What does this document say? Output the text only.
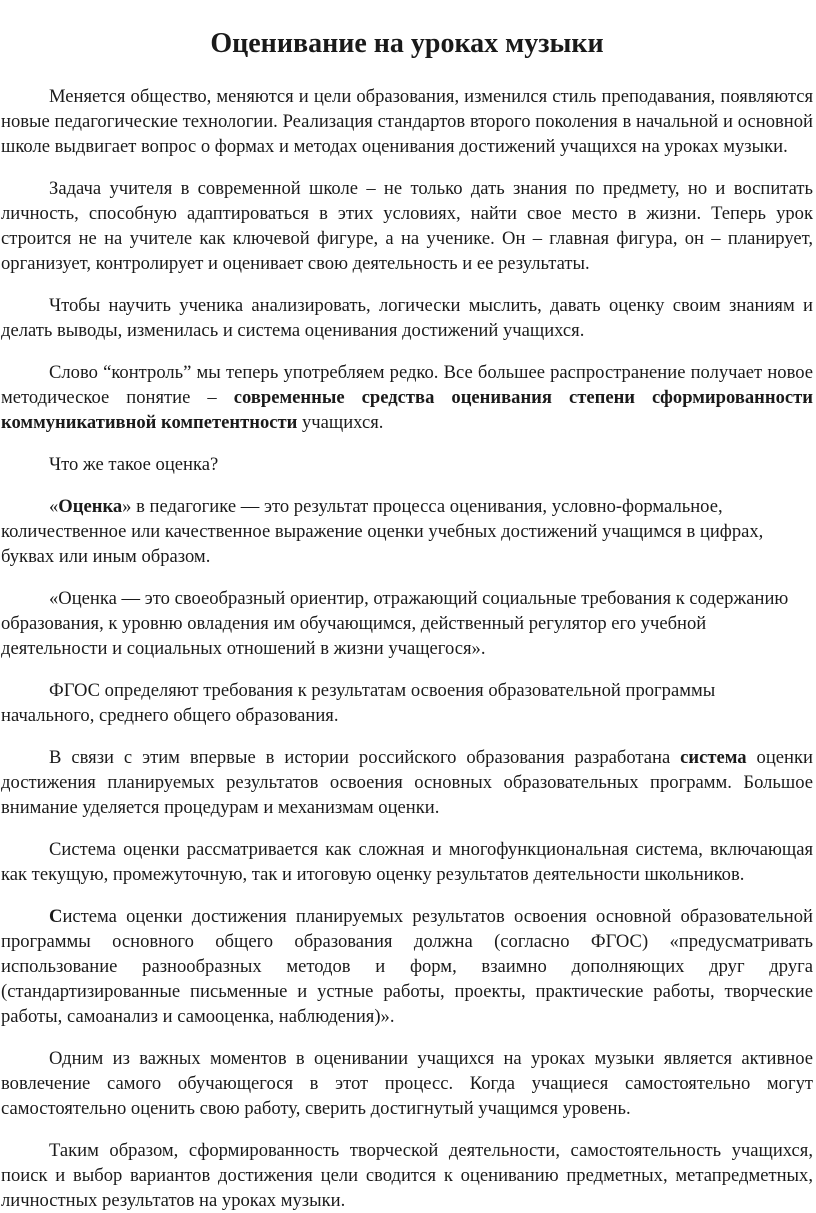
Оценивание на уроках музыки

Меняется общество, меняются и цели образования, изменился стиль преподавания, появляются новые педагогические технологии. Реализация стандартов второго поколения в начальной и основной школе выдвигает вопрос о формах и методах оценивания достижений учащихся на уроках музыки.

Задача учителя в современной школе – не только дать знания по предмету, но и воспитать личность, способную адаптироваться в этих условиях, найти свое место в жизни. Теперь урок строится не на учителе как ключевой фигуре, а на ученике. Он – главная фигура, он – планирует, организует, контролирует и оценивает свою деятельность и ее результаты.

Чтобы научить ученика анализировать, логически мыслить, давать оценку своим знаниям и делать выводы, изменилась и система оценивания достижений учащихся.

Слово “контроль” мы теперь употребляем редко. Все большее распространение получает новое методическое понятие – современные средства оценивания степени сформированности коммуникативной компетентности учащихся.

Что же такое оценка?

«Оценка» в педагогике — это результат процесса оценивания, условно-формальное, количественное или качественное выражение оценки учебных достижений учащимся в цифрах, буквах или иным образом.

«Оценка — это своеобразный ориентир, отражающий социальные требования к содержанию образования, к уровню овладения им обучающимся, действенный регулятор его учебной деятельности и социальных отношений в жизни учащегося».

ФГОС определяют требования к результатам освоения образовательной программы начального, среднего общего образования.

В связи с этим впервые в истории российского образования разработана система оценки достижения планируемых результатов освоения основных образовательных программ. Большое внимание уделяется процедурам и механизмам оценки.

Система оценки рассматривается как сложная и многофункциональная система, включающая как текущую, промежуточную, так и итоговую оценку результатов деятельности школьников.

Система оценки достижения планируемых результатов освоения основной образовательной программы основного общего образования должна (согласно ФГОС) «предусматривать использование разнообразных методов и форм, взаимно дополняющих друг друга (стандартизированные письменные и устные работы, проекты, практические работы, творческие работы, самоанализ и самооценка, наблюдения)».

Одним из важных моментов в оценивании учащихся на уроках музыки является активное вовлечение самого обучающегося в этот процесс. Когда учащиеся самостоятельно могут самостоятельно оценить свою работу, сверить достигнутый учащимся уровень.

Таким образом, сформированность творческой деятельности, самостоятельность учащихся, поиск и выбор вариантов достижения цели сводится к оцениванию предметных, метапредметных, личностных результатов на уроках музыки.
